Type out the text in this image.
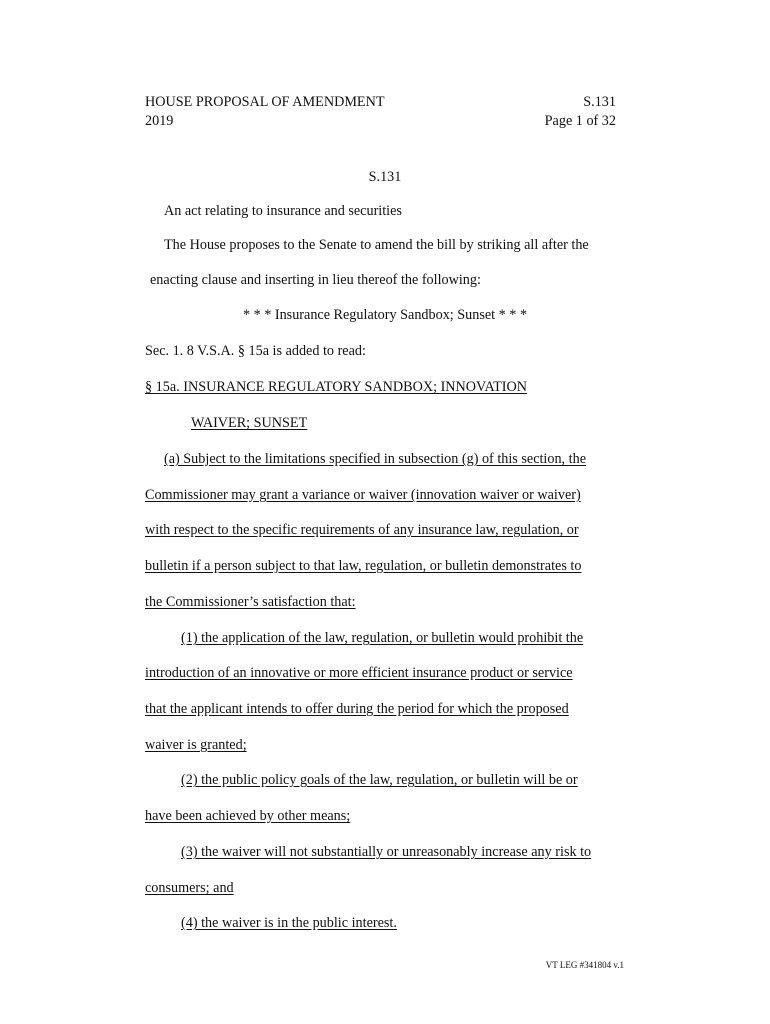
HOUSE PROPOSAL OF AMENDMENT
2019
S.131
Page 1 of 32
S.131
An act relating to insurance and securities
The House proposes to the Senate to amend the bill by striking all after the
enacting clause and inserting in lieu thereof the following:
* * * Insurance Regulatory Sandbox; Sunset * * *
Sec. 1. 8 V.S.A. § 15a is added to read:
§ 15a. INSURANCE REGULATORY SANDBOX; INNOVATION
WAIVER; SUNSET
(a) Subject to the limitations specified in subsection (g) of this section, the
Commissioner may grant a variance or waiver (innovation waiver or waiver)
with respect to the specific requirements of any insurance law, regulation, or
bulletin if a person subject to that law, regulation, or bulletin demonstrates to
the Commissioner’s satisfaction that:
(1) the application of the law, regulation, or bulletin would prohibit the
introduction of an innovative or more efficient insurance product or service
that the applicant intends to offer during the period for which the proposed
waiver is granted;
(2) the public policy goals of the law, regulation, or bulletin will be or
have been achieved by other means;
(3) the waiver will not substantially or unreasonably increase any risk to
consumers; and
(4) the waiver is in the public interest.
VT LEG #341804 v.1
